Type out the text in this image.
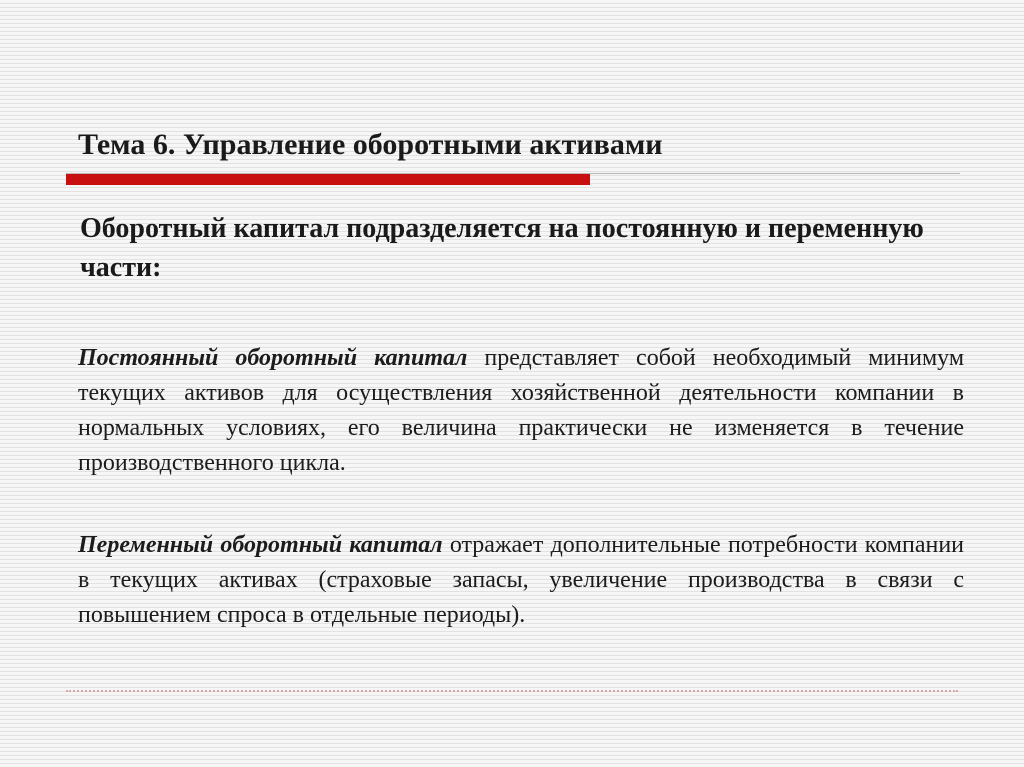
Тема 6. Управление оборотными активами
Оборотный капитал подразделяется на постоянную и переменную части:

Постоянный оборотный капитал представляет собой необходимый минимум текущих активов для осуществления хозяйственной деятельности компании в нормальных условиях, его величина практически не изменяется в течение производственного цикла.

Переменный оборотный капитал отражает дополнительные потребности компании в текущих активах (страховые запасы, увеличение производства в связи с повышением спроса в отдельные периоды).
